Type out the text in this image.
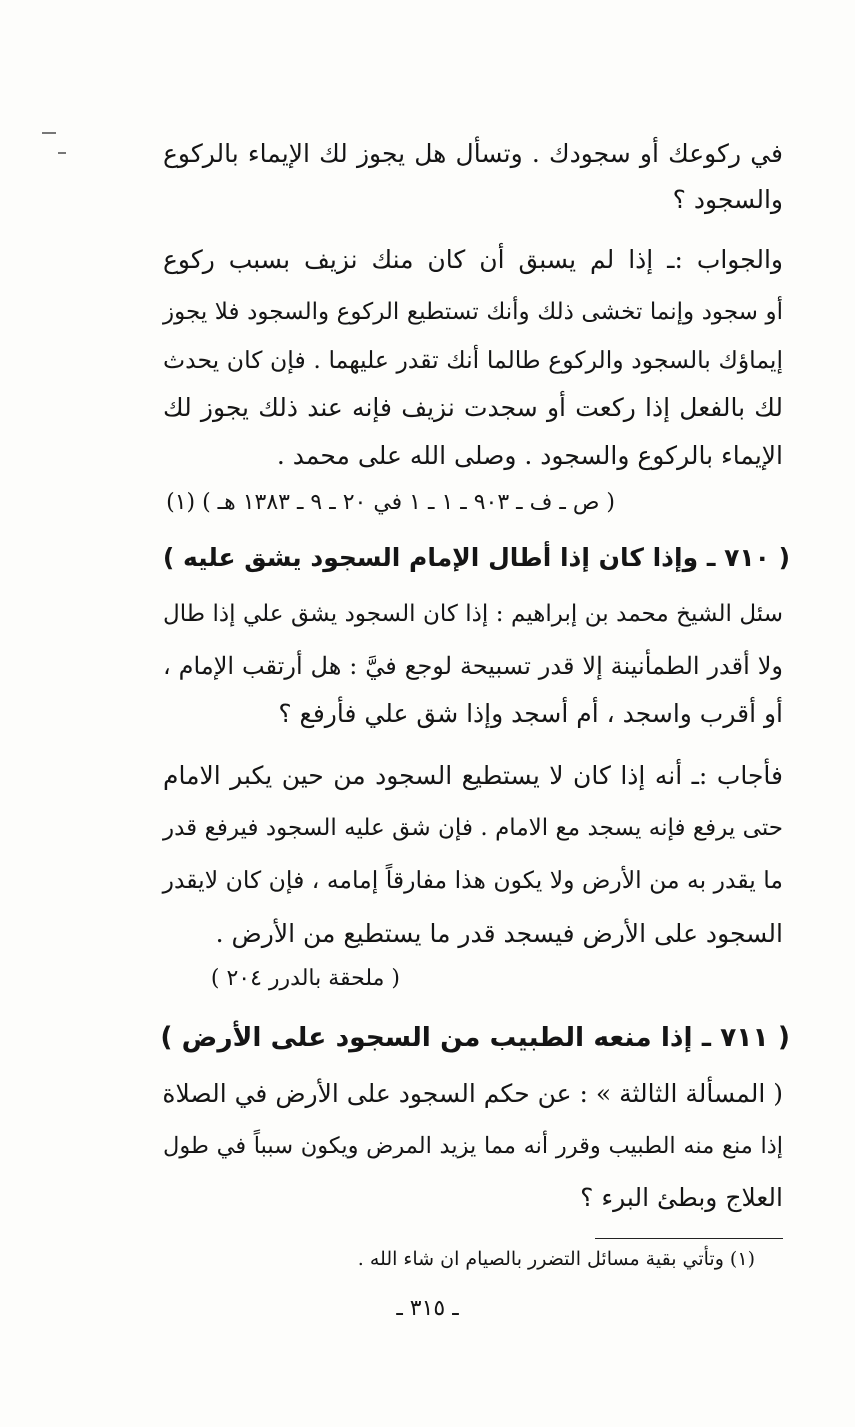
في ركوعك أو سجودك . وتسأل هل يجوز لك الإيماء بالركوع
والسجود ؟
والجواب :ـ إذا لم يسبق أن كان منك نزيف بسبب ركوع
أو سجود وإنما تخشى ذلك وأنك تستطيع الركوع والسجود فلا يجوز
إيماؤك بالسجود والركوع طالما أنك تقدر عليهما . فإن كان يحدث
لك بالفعل إذا ركعت أو سجدت نزيف فإنه عند ذلك يجوز لك
الإيماء بالركوع والسجود . وصلى الله على محمد .
( ص ـ ف ـ ٩٠٣ ـ ١ ـ ١ في ٢٠ ـ ٩ ـ ١٣٨٣ هـ ) (١)
( ٧١٠ ـ وإذا كان إذا أطال الإمام السجود يشق عليه )
سئل الشيخ محمد بن إبراهيم : إذا كان السجود يشق علي إذا طال
ولا أقدر الطمأنينة إلا قدر تسبيحة لوجع فيَّ : هل أرتقب الإمام ،
أو أقرب واسجد ، أم أسجد وإذا شق علي فأرفع ؟
فأجاب :ـ أنه إذا كان لا يستطيع السجود من حين يكبر الامام
حتى يرفع فإنه يسجد مع الامام . فإن شق عليه السجود فيرفع قدر
ما يقدر به من الأرض ولا يكون هذا مفارقاً إمامه ، فإن كان لايقدر
السجود على الأرض فيسجد قدر ما يستطيع من الأرض .
( ملحقة بالدرر ٢٠٤ )
( ٧١١ ـ إذا منعه الطبيب من السجود على الأرض )
( المسألة الثالثة » : عن حكم السجود على الأرض في الصلاة
إذا منع منه الطبيب وقرر أنه مما يزيد المرض ويكون سبباً في طول
العلاج وبطئ البرء ؟
(١) وتأتي بقية مسائل التضرر بالصيام ان شاء الله .
ـ ٣١٥ ـ
